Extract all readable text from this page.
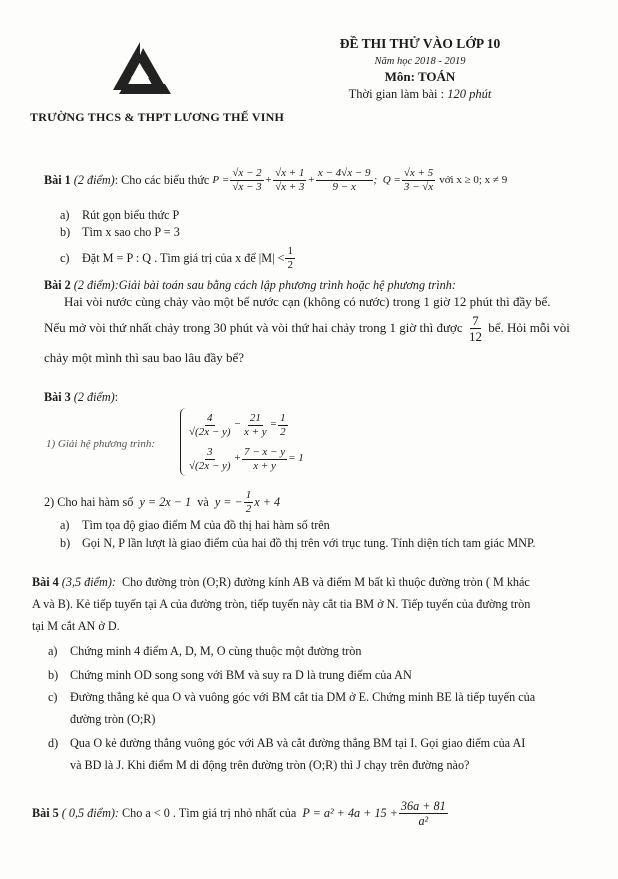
TRƯỜNG THCS & THPT LƯƠNG THẾ VINH
ĐỀ THI THỬ VÀO LỚP 10
Năm học 2018 - 2019
Môn: TOÁN
Thời gian làm bài : 120 phút
Bài 1
(2 điểm) : Cho các biểu thức
$P = \frac{√x - 2}{√x - 3} + \frac{√x + 1}{√x + 3} + \frac{x - 4√x - 9}{9 - x}$ ;  $Q = \frac{√x + 5}{3 - √x}$
với x ≥ 0; x ≠ 9
a) Rút gọn biểu thức P
b) Tìm x sao cho P = 3
c)	Đặt M = P : Q . Tìm giá trị của x để $|M| < \frac{1}{2}$
Bài 2 (2 điểm):Giải bài toán sau bằng cách lập phương trình hoặc hệ phương trình:
Hai vòi nước cùng chảy vào một bể nước cạn (không có nước) trong 1 giờ 12 phút thì đầy bể.
Nếu mở vòi thứ nhất chảy trong 30 phút và vòi thứ hai chảy trong 1 giờ thì được
$\frac{7}{12}$
bể. Hỏi mỗi vòi
chảy một mình thì sau bao lâu đầy bể?
Bài 3 (2 điểm):
1) Giải hệ phương trình:
$\frac{4}{√(2x - y)} - \frac{21}{x + y} = \frac{1}{2}$
$\frac{3}{√(2x - y)} + \frac{7 - x - y}{x + y} = 1$
2) Cho hai hàm số
y = 2x − 1
và
y = − $\frac{1}{2}$ x + 4
a) Tìm tọa độ giao điểm M của đồ thị hai hàm số trên
b) Gọi N, P lần lượt là giao điểm của hai đồ thị trên với trục tung. Tính diện tích tam giác MNP.
Bài 4 (3,5 điểm): Cho đường tròn (O;R) đường kính AB và điểm M bất kì thuộc đường tròn ( M khác
A và B). Kẻ tiếp tuyến tại A của đường tròn, tiếp tuyến này cắt tia BM ở N. Tiếp tuyến của đường tròn
tại M cắt AN ở D.
a) Chứng minh 4 điểm A, D, M, O cùng thuộc một đường tròn
b) Chứng minh OD song song với BM và suy ra D là trung điểm của AN
c) Đường thẳng kẻ qua O và vuông góc với BM cắt tia DM ở E. Chứng minh BE là tiếp tuyến của
đường tròn (O;R)
d) Qua O kẻ đường thẳng vuông góc với AB và cắt đường thẳng BM tại I. Gọi giao điểm của AI
và BD là J. Khi điểm M di động trên đường tròn (O;R) thì J chạy trên đường nào?
Bài 5
( 0,5 điểm):
Cho a < 0 . Tìm giá trị nhỏ nhất của
$P = a^2 + 4a + 15 + \frac{36a + 81}{\text{a²}}$
